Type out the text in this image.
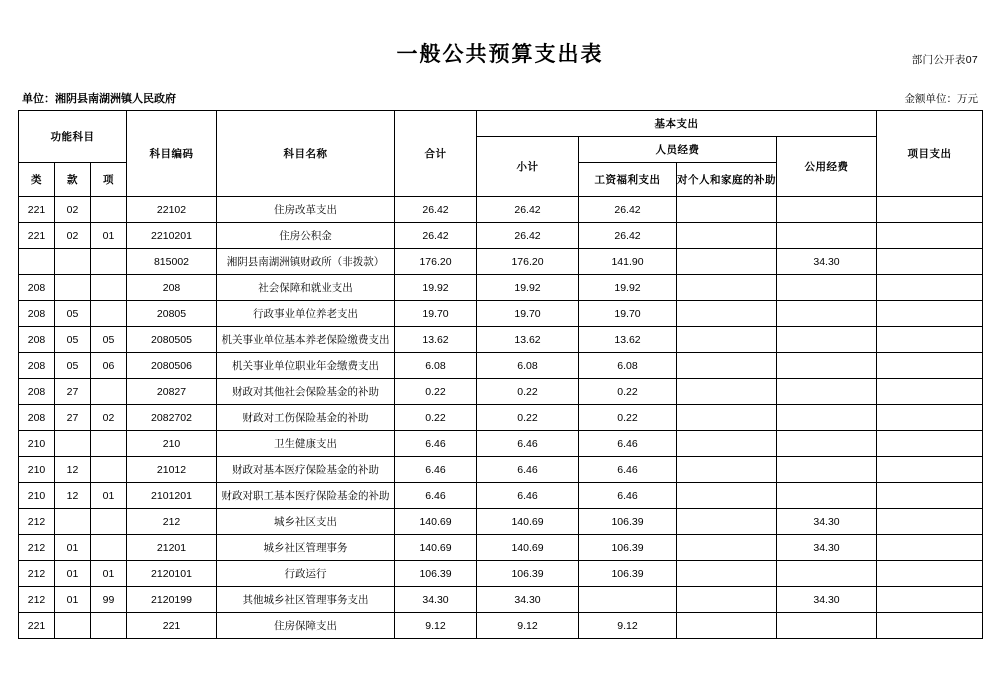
部门公开表07
一般公共预算支出表
单位：湘阴县南湖洲镇人民政府	金额单位：万元
功能科目			科目编码	科目名称	合计	基本支出				项目支出
						小计	人员经费		公用经费	
类	款	项					工资福利支出	对个人和家庭的补助		
221	02		22102	住房改革支出	26.42	26.42	26.42			
221	02	01	2210201	住房公积金	26.42	26.42	26.42			
			815002	湘阴县南湖洲镇财政所（非拨款）	176.20	176.20	141.90		34.30	
208			208	社会保障和就业支出	19.92	19.92	19.92			
208	05		20805	行政事业单位养老支出	19.70	19.70	19.70			
208	05	05	2080505	机关事业单位基本养老保险缴费支出	13.62	13.62	13.62			
208	05	06	2080506	机关事业单位职业年金缴费支出	6.08	6.08	6.08			
208	27		20827	财政对其他社会保险基金的补助	0.22	0.22	0.22			
208	27	02	2082702	财政对工伤保险基金的补助	0.22	0.22	0.22			
210			210	卫生健康支出	6.46	6.46	6.46			
210	12		21012	财政对基本医疗保险基金的补助	6.46	6.46	6.46			
210	12	01	2101201	财政对职工基本医疗保险基金的补助	6.46	6.46	6.46			
212			212	城乡社区支出	140.69	140.69	106.39		34.30	
212	01		21201	城乡社区管理事务	140.69	140.69	106.39		34.30	
212	01	01	2120101	行政运行	106.39	106.39	106.39			
212	01	99	2120199	其他城乡社区管理事务支出	34.30	34.30			34.30	
221			221	住房保障支出	9.12	9.12	9.12			
